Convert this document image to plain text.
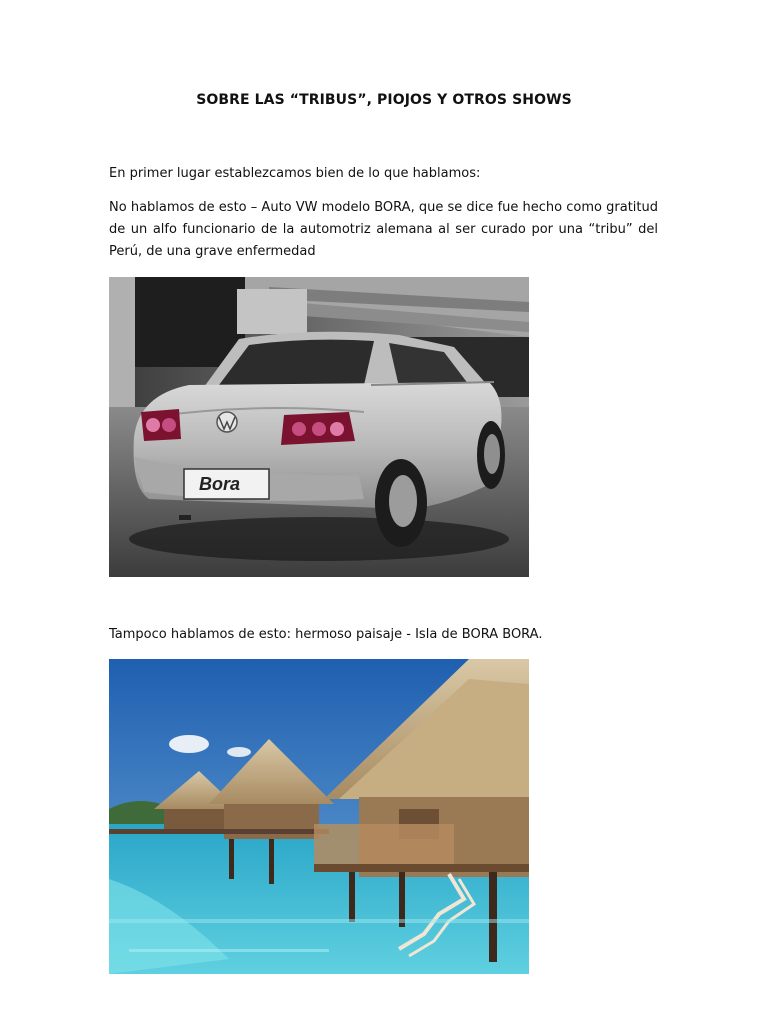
SOBRE LAS “TRIBUS”, PIOJOS Y OTROS SHOWS
En primer lugar establezcamos bien de lo que hablamos:
No hablamos de esto – Auto VW modelo BORA, que se dice fue hecho como gratitud de un alfo funcionario de la automotriz alemana al ser curado por una “tribu” del Perú, de una grave enfermedad
Bora
Tampoco hablamos de esto: hermoso paisaje - Isla de BORA BORA.
